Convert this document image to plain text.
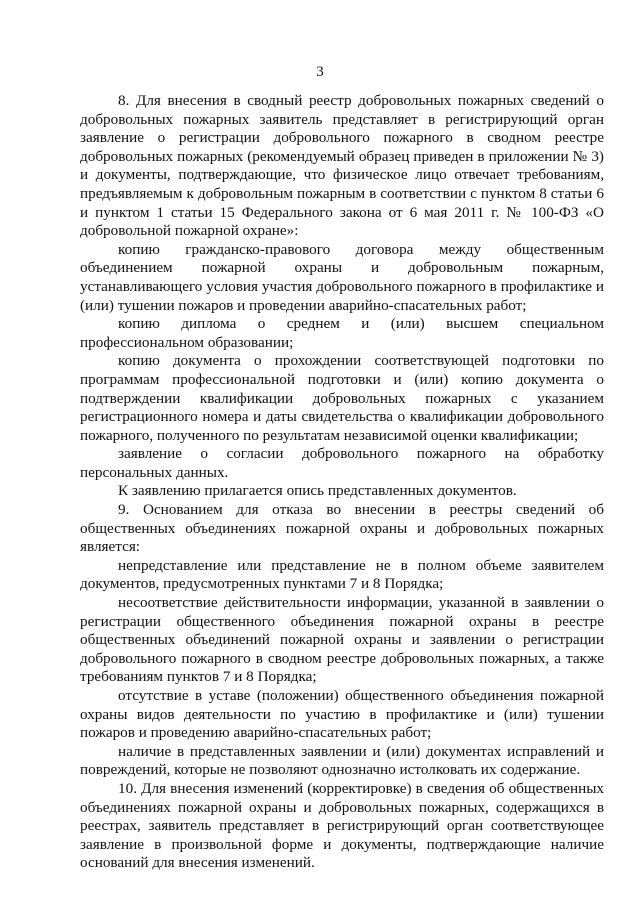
3

8. Для внесения в сводный реестр добровольных пожарных сведений о добровольных пожарных заявитель представляет в регистрирующий орган заявление о регистрации добровольного пожарного в сводном реестре добровольных пожарных (рекомендуемый образец приведен в приложении № 3) и документы, подтверждающие, что физическое лицо отвечает требованиям, предъявляемым к добровольным пожарным в соответствии с пунктом 8 статьи 6 и пунктом 1 статьи 15 Федерального закона от 6 мая 2011 г. № 100-ФЗ «О добровольной пожарной охране»:

копию гражданско-правового договора между общественным объединением пожарной охраны и добровольным пожарным, устанавливающего условия участия добровольного пожарного в профилактике и (или) тушении пожаров и проведении аварийно-спасательных работ;

копию диплома о среднем и (или) высшем специальном профессиональном образовании;

копию документа о прохождении соответствующей подготовки по программам профессиональной подготовки и (или) копию документа о подтверждении квалификации добровольных пожарных с указанием регистрационного номера и даты свидетельства о квалификации добровольного пожарного, полученного по результатам независимой оценки квалификации;

заявление о согласии добровольного пожарного на обработку персональных данных.

К заявлению прилагается опись представленных документов.

9. Основанием для отказа во внесении в реестры сведений об общественных объединениях пожарной охраны и добровольных пожарных является:

непредставление или представление не в полном объеме заявителем документов, предусмотренных пунктами 7 и 8 Порядка;

несоответствие действительности информации, указанной в заявлении о регистрации общественного объединения пожарной охраны в реестре общественных объединений пожарной охраны и заявлении о регистрации добровольного пожарного в сводном реестре добровольных пожарных, а также требованиям пунктов 7 и 8 Порядка;

отсутствие в уставе (положении) общественного объединения пожарной охраны видов деятельности по участию в профилактике и (или) тушении пожаров и проведению аварийно-спасательных работ;

наличие в представленных заявлении и (или) документах исправлений и повреждений, которые не позволяют однозначно истолковать их содержание.

10. Для внесения изменений (корректировке) в сведения об общественных объединениях пожарной охраны и добровольных пожарных, содержащихся в реестрах, заявитель представляет в регистрирующий орган соответствующее заявление в произвольной форме и документы, подтверждающие наличие оснований для внесения изменений.
